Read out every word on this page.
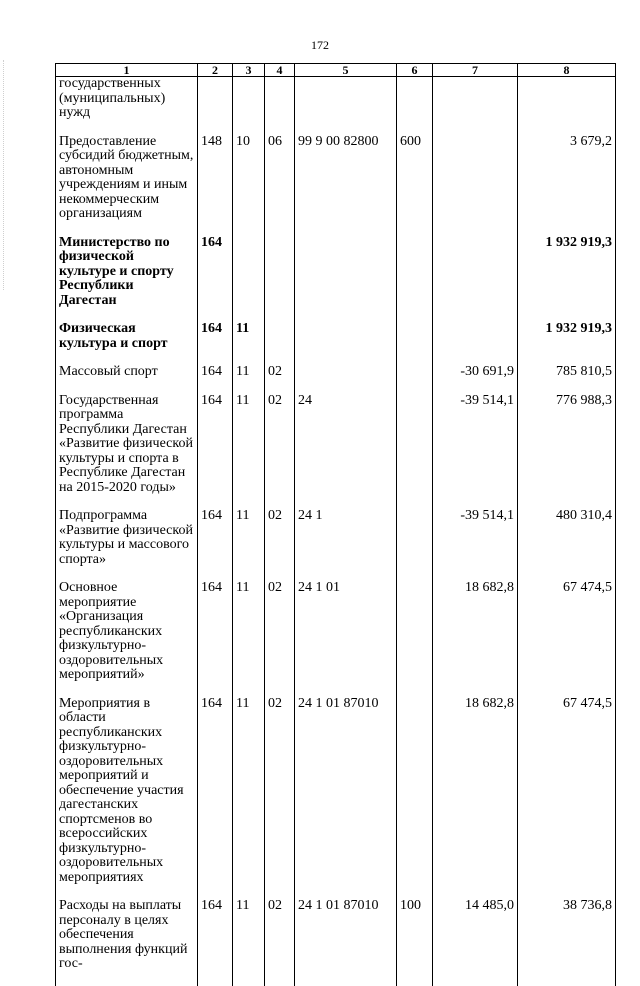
172
1	2	3	4	5	6	7	8
государственных (муниципальных) нужд							

Предоставление субсидий бюджетным, автономным учреждениям и иным некоммерческим организациям	148	10	06	99 9 00 82800	600		3 679,2

Министерство по физической культуре и спорту Республики Дагестан	164						1 932 919,3

Физическая культура и спорт	164	11					1 932 919,3

Массовый спорт	164	11	02			-30 691,9	785 810,5

Государственная программа Республики Дагестан «Развитие физической культуры и спорта в Республике Дагестан на 2015-2020 годы»	164	11	02	24		-39 514,1	776 988,3

Подпрограмма «Развитие физической культуры и массового спорта»	164	11	02	24 1		-39 514,1	480 310,4

Основное мероприятие «Организация республиканских физкультурно-оздоровительных мероприятий»	164	11	02	24 1 01		18 682,8	67 474,5

Мероприятия в области республиканских физкультурно-оздоровительных мероприятий и обеспечение участия дагестанских спортсменов во всероссийских физкультурно-оздоровительных мероприятиях	164	11	02	24 1 01 87010		18 682,8	67 474,5

Расходы на выплаты персоналу в целях обеспечения выполнения функций гос-	164	11	02	24 1 01 87010	100	14 485,0	38 736,8
